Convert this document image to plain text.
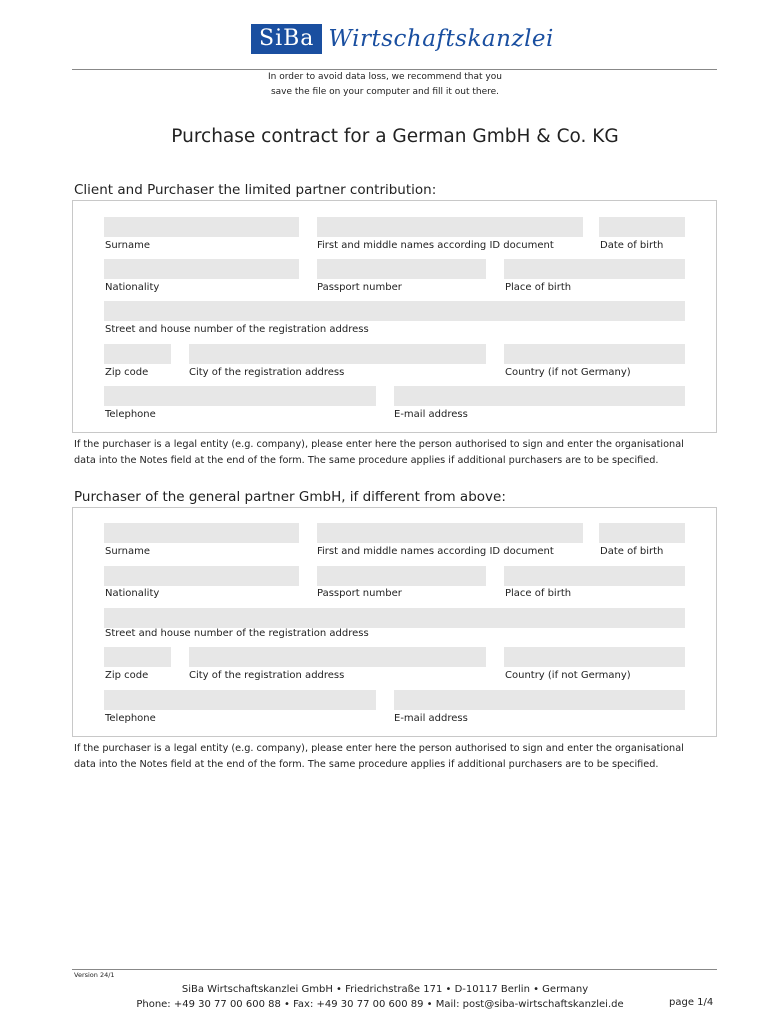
SiBa Wirtschaftskanzlei
In order to avoid data loss, we recommend that you
save the file on your computer and fill it out there.
Purchase contract for a German GmbH & Co. KG
Client and Purchaser the limited partner contribution:
Surname	First and middle names according ID document	Date of birth
Nationality	Passport number	Place of birth
Street and house number of the registration address
Zip code	City of the registration address	Country (if not Germany)
Telephone	E-mail address
If the purchaser is a legal entity (e.g. company), please enter here the person authorised to sign and enter the organisational
data into the Notes field at the end of the form. The same procedure applies if additional purchasers are to be specified.
Purchaser of the general partner GmbH, if different from above:
Surname	First and middle names according ID document	Date of birth
Nationality	Passport number	Place of birth
Street and house number of the registration address
Zip code	City of the registration address	Country (if not Germany)
Telephone	E-mail address
If the purchaser is a legal entity (e.g. company), please enter here the person authorised to sign and enter the organisational
data into the Notes field at the end of the form. The same procedure applies if additional purchasers are to be specified.
Version 24/1
SiBa Wirtschaftskanzlei GmbH • Friedrichstraße 171 • D-10117 Berlin • Germany
Phone: +49 30 77 00 600 88 • Fax: +49 30 77 00 600 89 • Mail: post@siba-wirtschaftskanzlei.de	page 1/4
